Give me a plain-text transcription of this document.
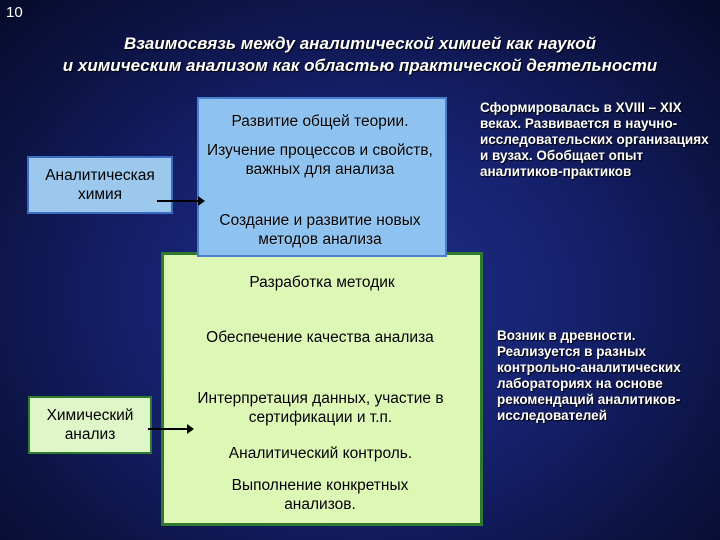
10
Взаимосвязь между аналитической химией как наукой
и химическим анализом как областью практической деятельности
Развитие общей теории.
Изучение процессов и свойств, важных для анализа
Создание и развитие новых методов анализа
Разработка методик
Обеспечение качества анализа
Интерпретация данных, участие в сертификации и т.п.
Аналитический контроль.
Выполнение конкретных анализов.
Аналитическая химия
Химический анализ
Сформировалась в XVIII – XIX веках. Развивается в научно-исследовательских организациях и вузах. Обобщает опыт аналитиков-практиков
Возник в древности. Реализуется в разных контрольно-аналитических лабораториях на основе рекомендаций аналитиков-исследователей
